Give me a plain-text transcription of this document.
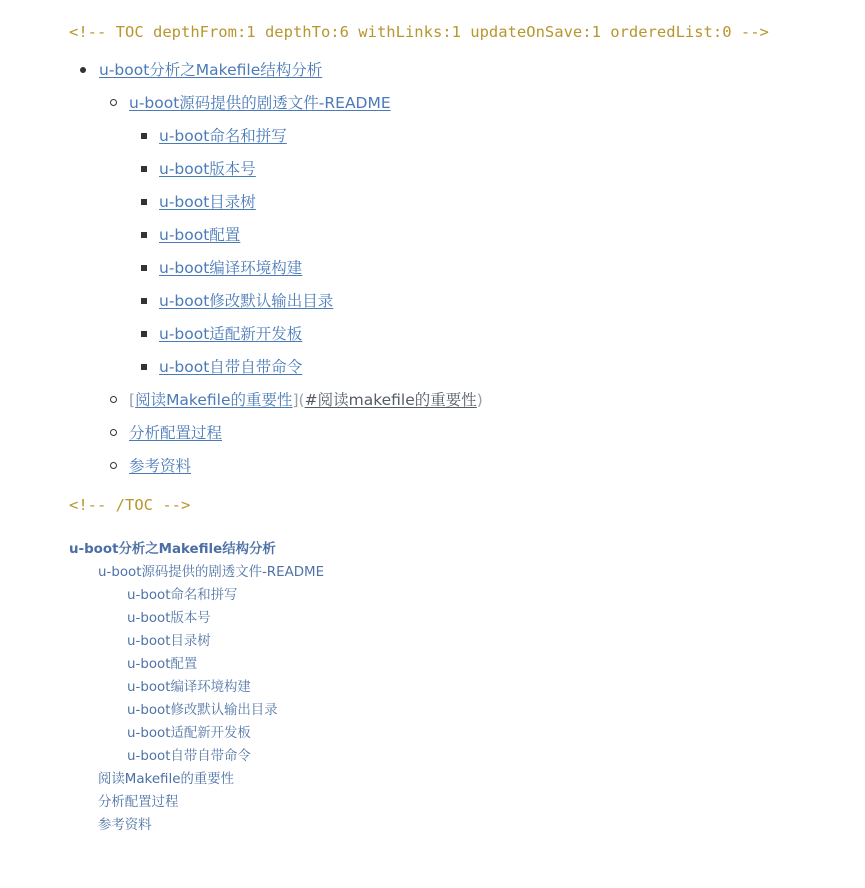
<!-- TOC depthFrom:1 depthTo:6 withLinks:1 updateOnSave:1 orderedList:0 -->
u-boot分析之Makefile结构分析
u-boot源码提供的剧透文件-README
u-boot命名和拼写
u-boot版本号
u-boot目录树
u-boot配置
u-boot编译环境构建
u-boot修改默认输出目录
u-boot适配新开发板
u-boot自带自带命令
[阅读Makefile的重要性](#阅读makefile的重要性)
分析配置过程
参考资料
<!-- /TOC -->
u-boot分析之Makefile结构分析
u-boot源码提供的剧透文件-README
u-boot命名和拼写
u-boot版本号
u-boot目录树
u-boot配置
u-boot编译环境构建
u-boot修改默认输出目录
u-boot适配新开发板
u-boot自带自带命令
阅读Makefile的重要性
分析配置过程
参考资料
